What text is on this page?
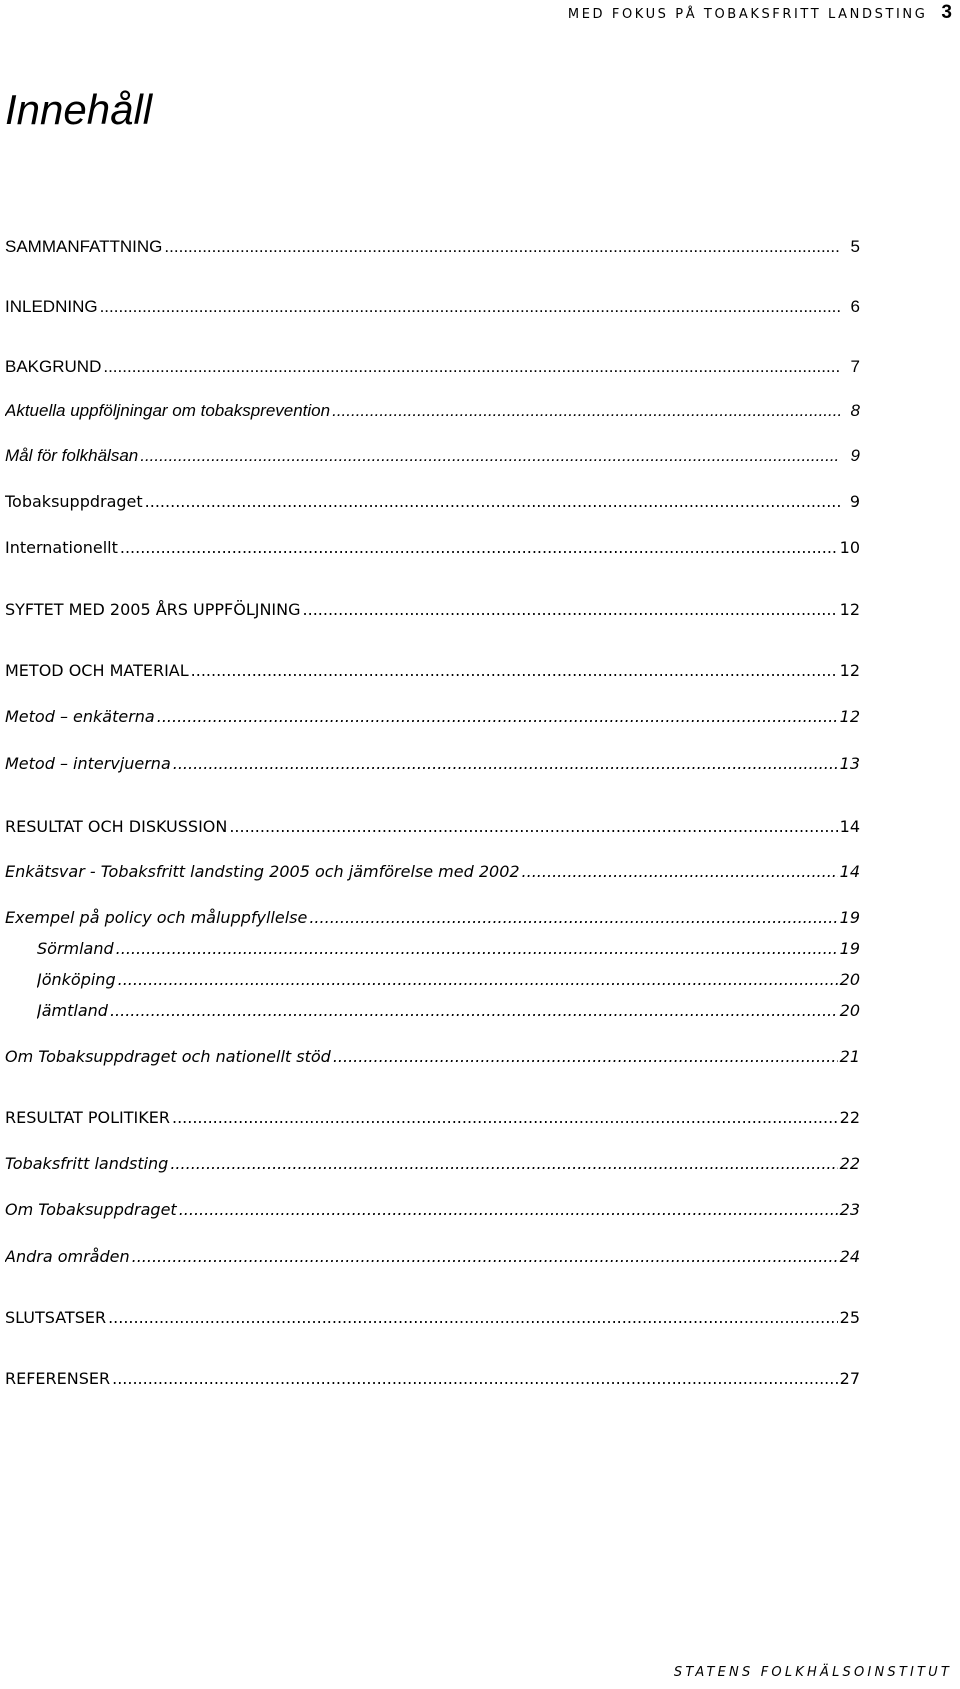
MED FOKUS PÅ TOBAKSFRITT LANDSTING 3
Innehåll
SAMMANFATTNING .....	5
INLEDNING .....	6
BAKGRUND .....	7
Aktuella uppföljningar om tobaksprevention .....	8
Mål för folkhälsan .....	9
Tobaksuppdraget .....	9
Internationellt .....	10
SYFTET MED 2005 ÅRS UPPFÖLJNING .....	12
METOD OCH MATERIAL .....	12
Metod – enkäterna .....	12
Metod – intervjuerna .....	13
RESULTAT OCH DISKUSSION .....	14
Enkätsvar - Tobaksfritt landsting 2005 och jämförelse med 2002 .....	14
Exempel på policy och måluppfyllelse .....	19
Sörmland .....	19
Jönköping .....	20
Jämtland .....	20
Om Tobaksuppdraget och nationellt stöd .....	21
RESULTAT POLITIKER .....	22
Tobaksfritt landsting .....	22
Om Tobaksuppdraget .....	23
Andra områden .....	24
SLUTSATSER .....	25
REFERENSER .....	27
STATENS FOLKHÄLSOINSTITUT
